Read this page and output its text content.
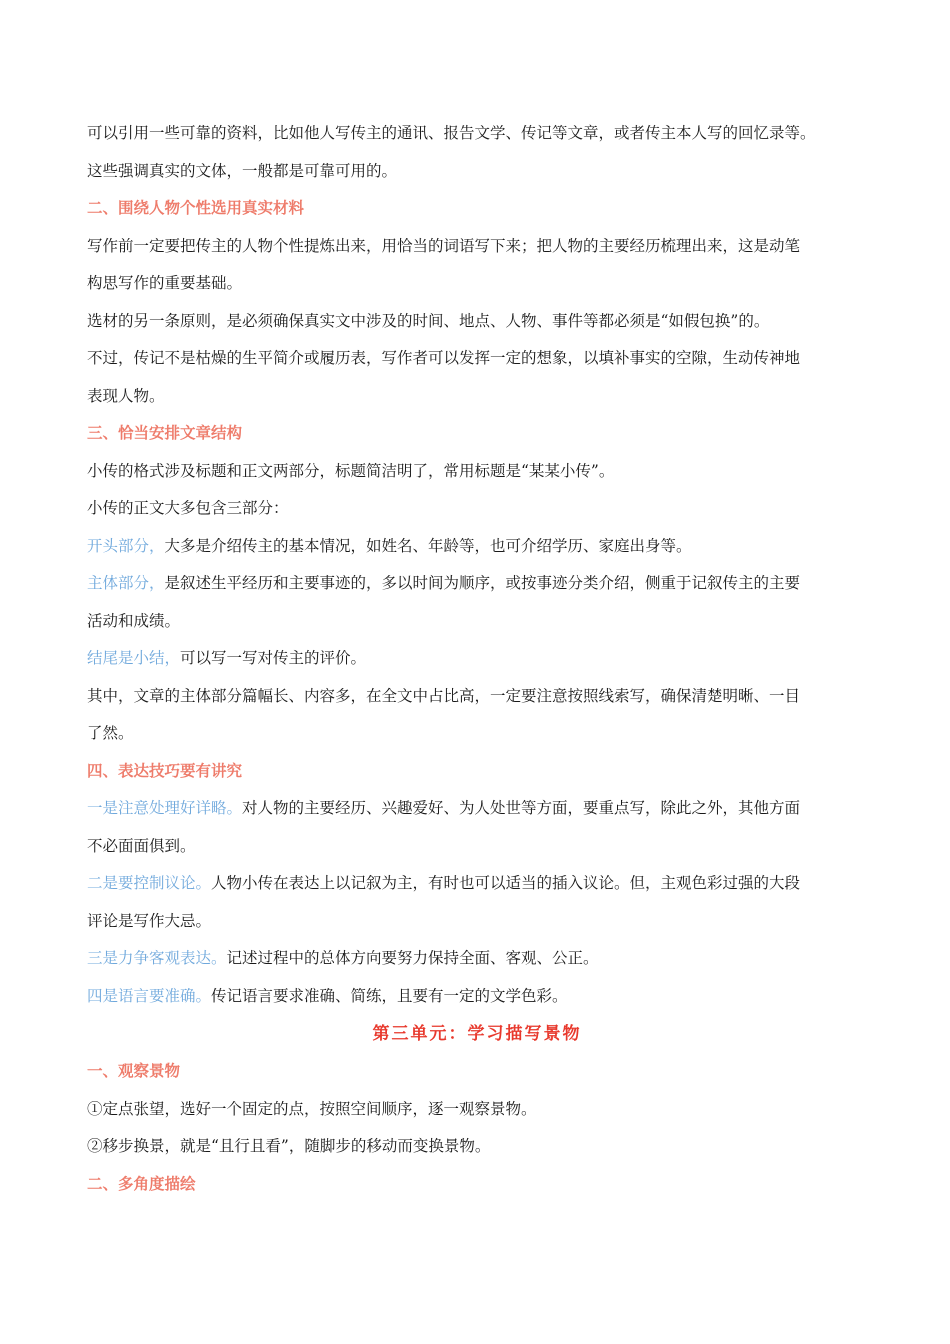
可以引用一些可靠的资料，比如他人写传主的通讯、报告文学、传记等文章，或者传主本人写的回忆录等。
这些强调真实的文体，一般都是可靠可用的。
二、围绕人物个性选用真实材料
写作前一定要把传主的人物个性提炼出来，用恰当的词语写下来；把人物的主要经历梳理出来，这是动笔
构思写作的重要基础。
选材的另一条原则，是必须确保真实文中涉及的时间、地点、人物、事件等都必须是“如假包换”的。
不过，传记不是枯燥的生平简介或履历表，写作者可以发挥一定的想象，以填补事实的空隙，生动传神地
表现人物。
三、恰当安排文章结构
小传的格式涉及标题和正文两部分，标题简洁明了，常用标题是“某某小传”。
小传的正文大多包含三部分：
开头部分，大多是介绍传主的基本情况，如姓名、年龄等，也可介绍学历、家庭出身等。
主体部分，是叙述生平经历和主要事迹的，多以时间为顺序，或按事迹分类介绍，侧重于记叙传主的主要
活动和成绩。
结尾是小结，可以写一写对传主的评价。
其中，文章的主体部分篇幅长、内容多，在全文中占比高，一定要注意按照线索写，确保清楚明晰、一目
了然。
四、表达技巧要有讲究
一是注意处理好详略。对人物的主要经历、兴趣爱好、为人处世等方面，要重点写，除此之外，其他方面
不必面面俱到。
二是要控制议论。人物小传在表达上以记叙为主，有时也可以适当的插入议论。但，主观色彩过强的大段
评论是写作大忌。
三是力争客观表达。记述过程中的总体方向要努力保持全面、客观、公正。
四是语言要准确。传记语言要求准确、简练，且要有一定的文学色彩。
第三单元：学习描写景物
一、观察景物
①定点张望，选好一个固定的点，按照空间顺序，逐一观察景物。
②移步换景，就是“且行且看”，随脚步的移动而变换景物。
二、多角度描绘
